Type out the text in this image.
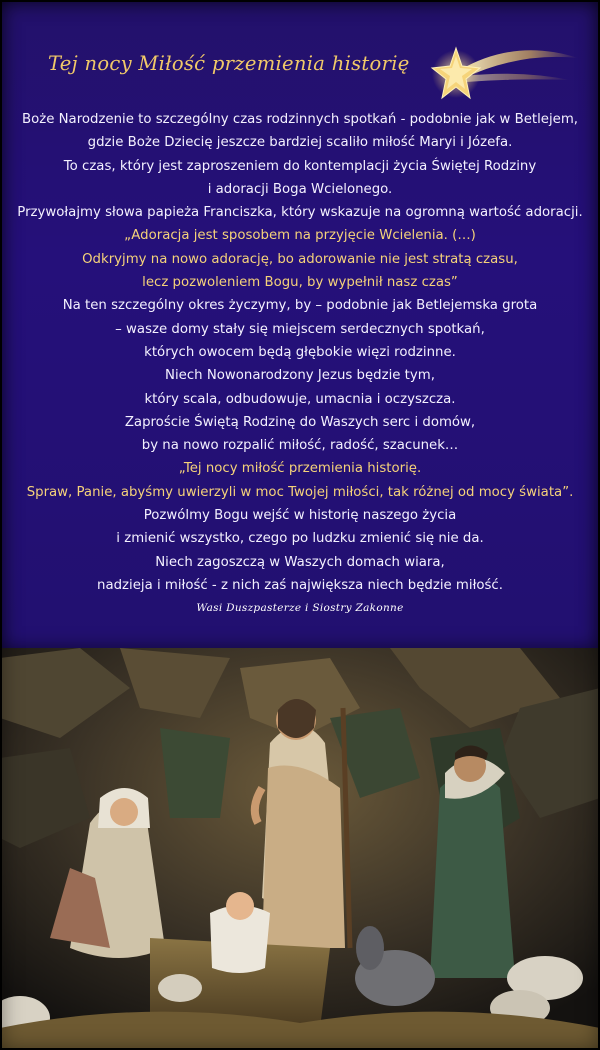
Tej nocy Miłość przemienia historię
Boże Narodzenie to szczególny czas rodzinnych spotkań - podobnie jak w Betlejem,
gdzie Boże Dziecię jeszcze bardziej scaliło miłość Maryi i Józefa.
To czas, który jest zaproszeniem do kontemplacji życia Świętej Rodziny
i adoracji Boga Wcielonego.
Przywołajmy słowa papieża Franciszka, który wskazuje na ogromną wartość adoracji.
„Adoracja jest sposobem na przyjęcie Wcielenia. (…)
Odkryjmy na nowo adorację, bo adorowanie nie jest stratą czasu,
lecz pozwoleniem Bogu, by wypełnił nasz czas”
Na ten szczególny okres życzymy, by – podobnie jak Betlejemska grota
– wasze domy stały się miejscem serdecznych spotkań,
których owocem będą głębokie więzi rodzinne.
Niech Nowonarodzony Jezus będzie tym,
który scala, odbudowuje, umacnia i oczyszcza.
Zaproście Świętą Rodzinę do Waszych serc i domów,
by na nowo rozpalić miłość, radość, szacunek…
„Tej nocy miłość przemienia historię.
Spraw, Panie, abyśmy uwierzyli w moc Twojej miłości, tak różnej od mocy świata”.
Pozwólmy Bogu wejść w historię naszego życia
i zmienić wszystko, czego po ludzku zmienić się nie da.
Niech zagoszczą w Waszych domach wiara,
nadzieja i miłość - z nich zaś największa niech będzie miłość.
Wasi Duszpasterze i Siostry Zakonne
